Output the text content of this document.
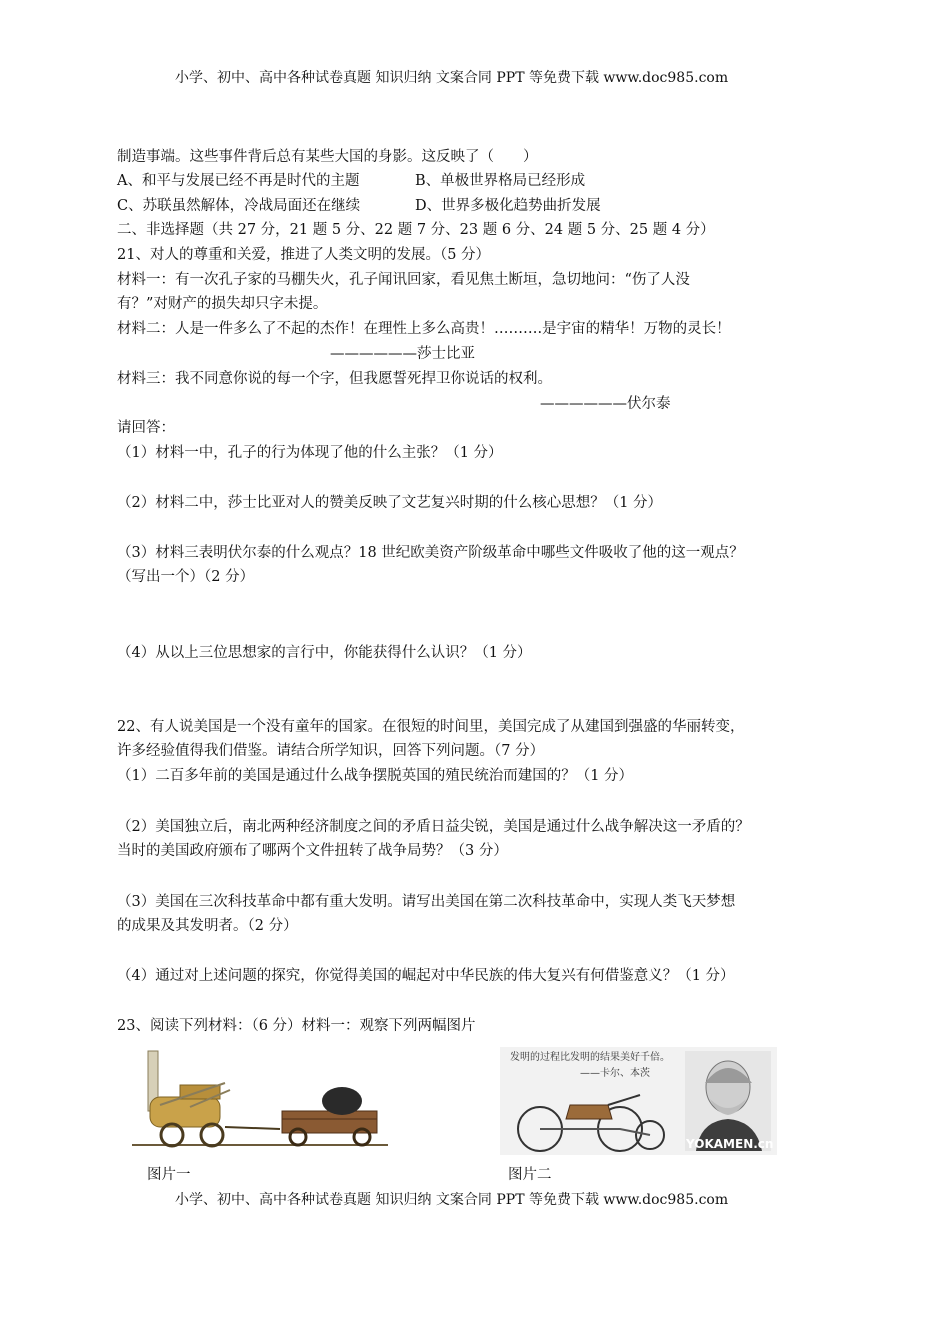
小学、初中、高中各种试卷真题 知识归纳 文案合同 PPT 等免费下载 www.doc985.com
制造事端。这些事件背后总有某些大国的身影。这反映了（　　）
A、和平与发展已经不再是时代的主题	B、单极世界格局已经形成
C、苏联虽然解体，冷战局面还在继续	D、世界多极化趋势曲折发展
二、非选择题（共 27 分，21 题 5 分、22 题 7 分、23 题 6 分、24 题 5 分、25 题 4 分）
21、对人的尊重和关爱，推进了人类文明的发展。（5 分）
材料一：有一次孔子家的马棚失火，孔子闻讯回家，看见焦土断垣，急切地问：“伤了人没
有？”对财产的损失却只字未提。
材料二：人是一件多么了不起的杰作！在理性上多么高贵！……….是宇宙的精华！万物的灵长！
——————莎士比亚
材料三：我不同意你说的每一个字，但我愿誓死捍卫你说话的权利。
——————伏尔泰
请回答：
（1）材料一中，孔子的行为体现了他的什么主张？（1 分）
（2）材料二中，莎士比亚对人的赞美反映了文艺复兴时期的什么核心思想？（1 分）
（3）材料三表明伏尔泰的什么观点？18 世纪欧美资产阶级革命中哪些文件吸收了他的这一观点？
（写出一个）（2 分）
（4）从以上三位思想家的言行中，你能获得什么认识？（1 分）
22、有人说美国是一个没有童年的国家。在很短的时间里，美国完成了从建国到强盛的华丽转变，
许多经验值得我们借鉴。请结合所学知识，回答下列问题。（7 分）
（1）二百多年前的美国是通过什么战争摆脱英国的殖民统治而建国的？（1 分）
（2）美国独立后，南北两种经济制度之间的矛盾日益尖锐，美国是通过什么战争解决这一矛盾的？
当时的美国政府颁布了哪两个文件扭转了战争局势？（3 分）
（3）美国在三次科技革命中都有重大发明。请写出美国在第二次科技革命中，实现人类飞天梦想
的成果及其发明者。（2 分）
（4）通过对上述问题的探究，你觉得美国的崛起对中华民族的伟大复兴有何借鉴意义？（1 分）
23、阅读下列材料：（6 分）材料一：观察下列两幅图片
图片一
发明的过程比发明的结果美好千倍。
——卡尔、本茨
YOKAMEN.cn
图片二
小学、初中、高中各种试卷真题 知识归纳 文案合同 PPT 等免费下载 www.doc985.com
